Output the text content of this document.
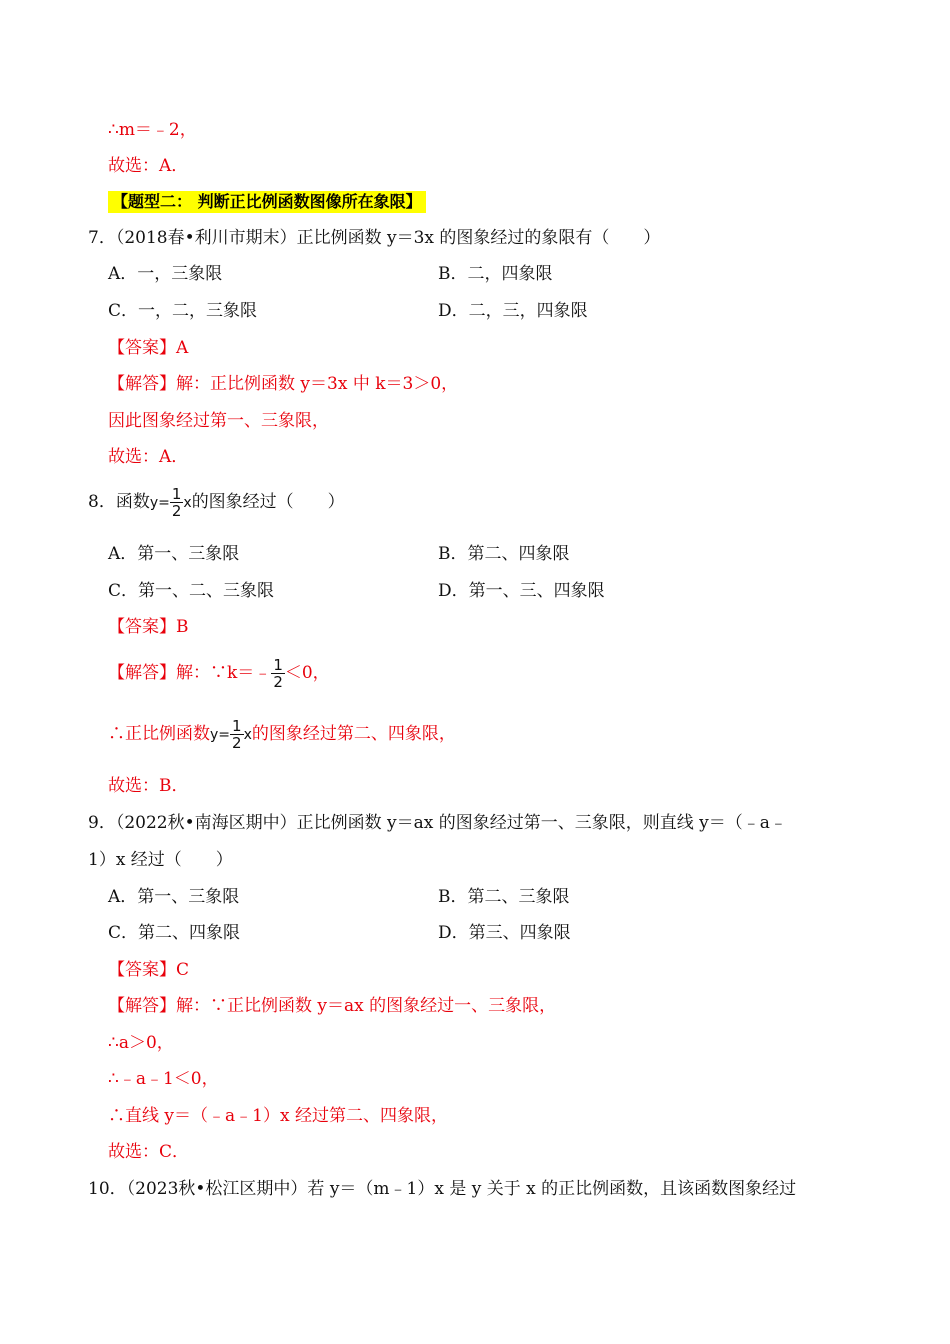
∴m＝﹣2，
故选：A．
【题型二： 判断正比例函数图像所在象限】
7．（2018春•利川市期末）正比例函数 y＝3x 的图象经过的象限有（　　）
A．一，三象限	B．二，四象限
C．一，二，三象限	D．二，三，四象限
【答案】A
【解答】解：正比例函数 y＝3x 中 k＝3＞0，
因此图象经过第一、三象限，
故选：A．
8．函数$y= \frac{1}{2}$ x的图象经过（　　）
A．第一、三象限	B．第二、四象限
C．第一、二、三象限	D．第一、三、四象限
【答案】B
【解答】解：∵k＝﹣ $\frac{1}{2} <0$，
∴正比例函数$y= \frac{1}{2}$ x的图象经过第二、四象限，
故选：B．
9．（2022秋•南海区期中）正比例函数 y＝ax 的图象经过第一、三象限，则直线 y＝（﹣a﹣
1）x 经过（　　）
A．第一、三象限	B．第二、三象限
C．第二、四象限	D．第三、四象限
【答案】C
【解答】解：∵正比例函数 y＝ax 的图象经过一、三象限，
∴a＞0，
∴﹣a﹣1＜0，
∴直线 y＝（﹣a﹣1）x 经过第二、四象限，
故选：C．
10．（2023秋•松江区期中）若 y＝（m﹣1）x 是 y 关于 x 的正比例函数，且该函数图象经过
